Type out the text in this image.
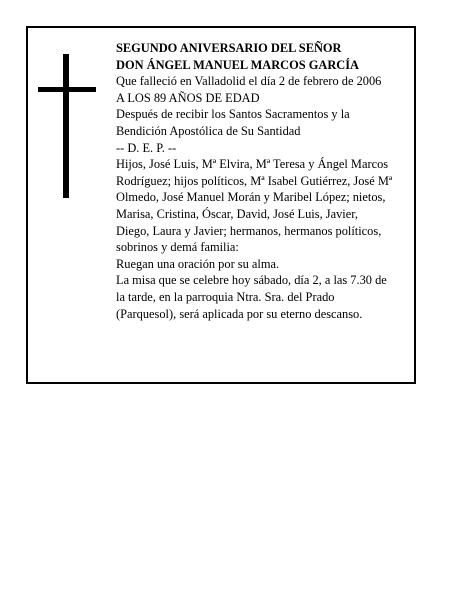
SEGUNDO ANIVERSARIO DEL SEÑOR

DON ÁNGEL MANUEL MARCOS GARCÍA

Que falleció en Valladolid el día 2 de febrero de 2006

A LOS 89 AÑOS DE EDAD

Después de recibir los Santos Sacramentos y la

Bendición Apostólica de Su Santidad

-- D. E. P. --

Hijos, José Luis, Mª Elvira, Mª Teresa y Ángel Marcos

Rodríguez; hijos políticos, Mª Isabel Gutiérrez, José Mª

Olmedo, José Manuel Morán y Maribel López; nietos,

Marisa, Cristina, Óscar, David, José Luis, Javier,

Diego, Laura y Javier; hermanos, hermanos políticos,

sobrinos y demá familia:

Ruegan una oración por su alma.

La misa que se celebre hoy sábado, día 2, a las 7.30 de

la tarde, en la parroquia Ntra. Sra. del Prado

(Parquesol), será aplicada por su eterno descanso.
